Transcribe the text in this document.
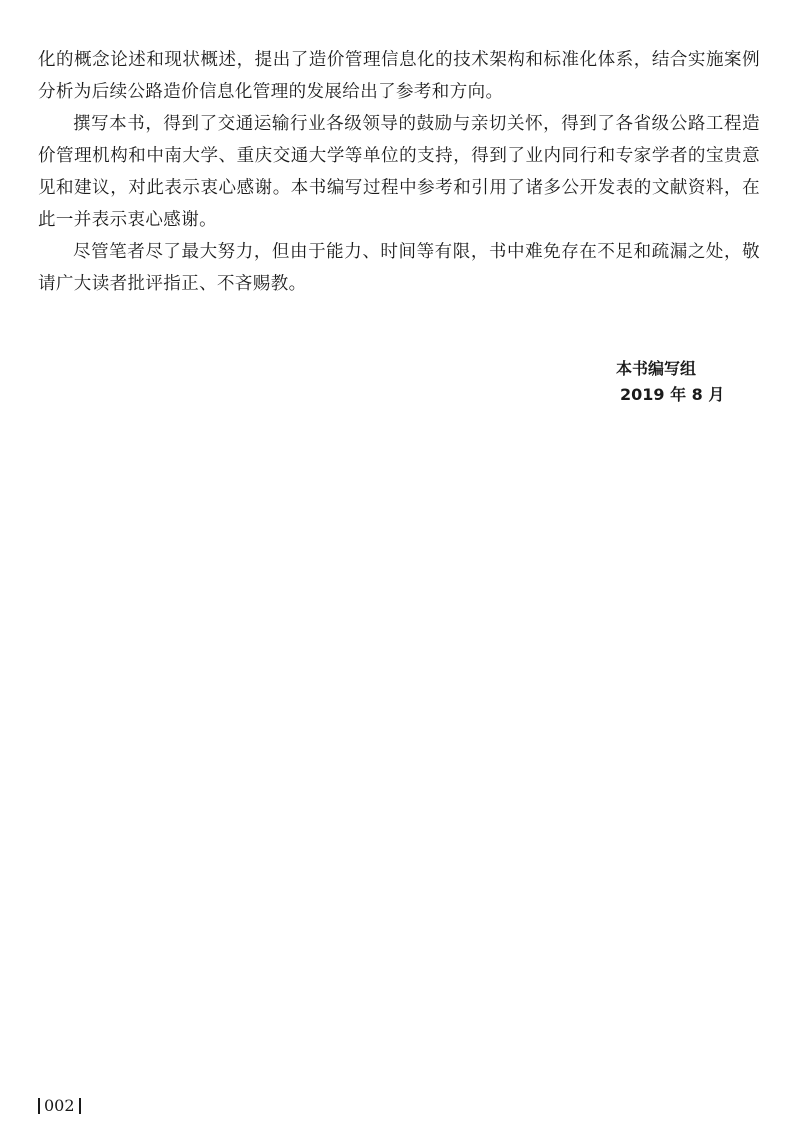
化的概念论述和现状概述，提出了造价管理信息化的技术架构和标准化体系，结合实施案例分析为后续公路造价信息化管理的发展给出了参考和方向。

撰写本书，得到了交通运输行业各级领导的鼓励与亲切关怀，得到了各省级公路工程造价管理机构和中南大学、重庆交通大学等单位的支持，得到了业内同行和专家学者的宝贵意见和建议，对此表示衷心感谢。本书编写过程中参考和引用了诸多公开发表的文献资料，在此一并表示衷心感谢。

尽管笔者尽了最大努力，但由于能力、时间等有限，书中难免存在不足和疏漏之处，敬请广大读者批评指正、不吝赐教。

本书编写组
2019 年 8 月
002
